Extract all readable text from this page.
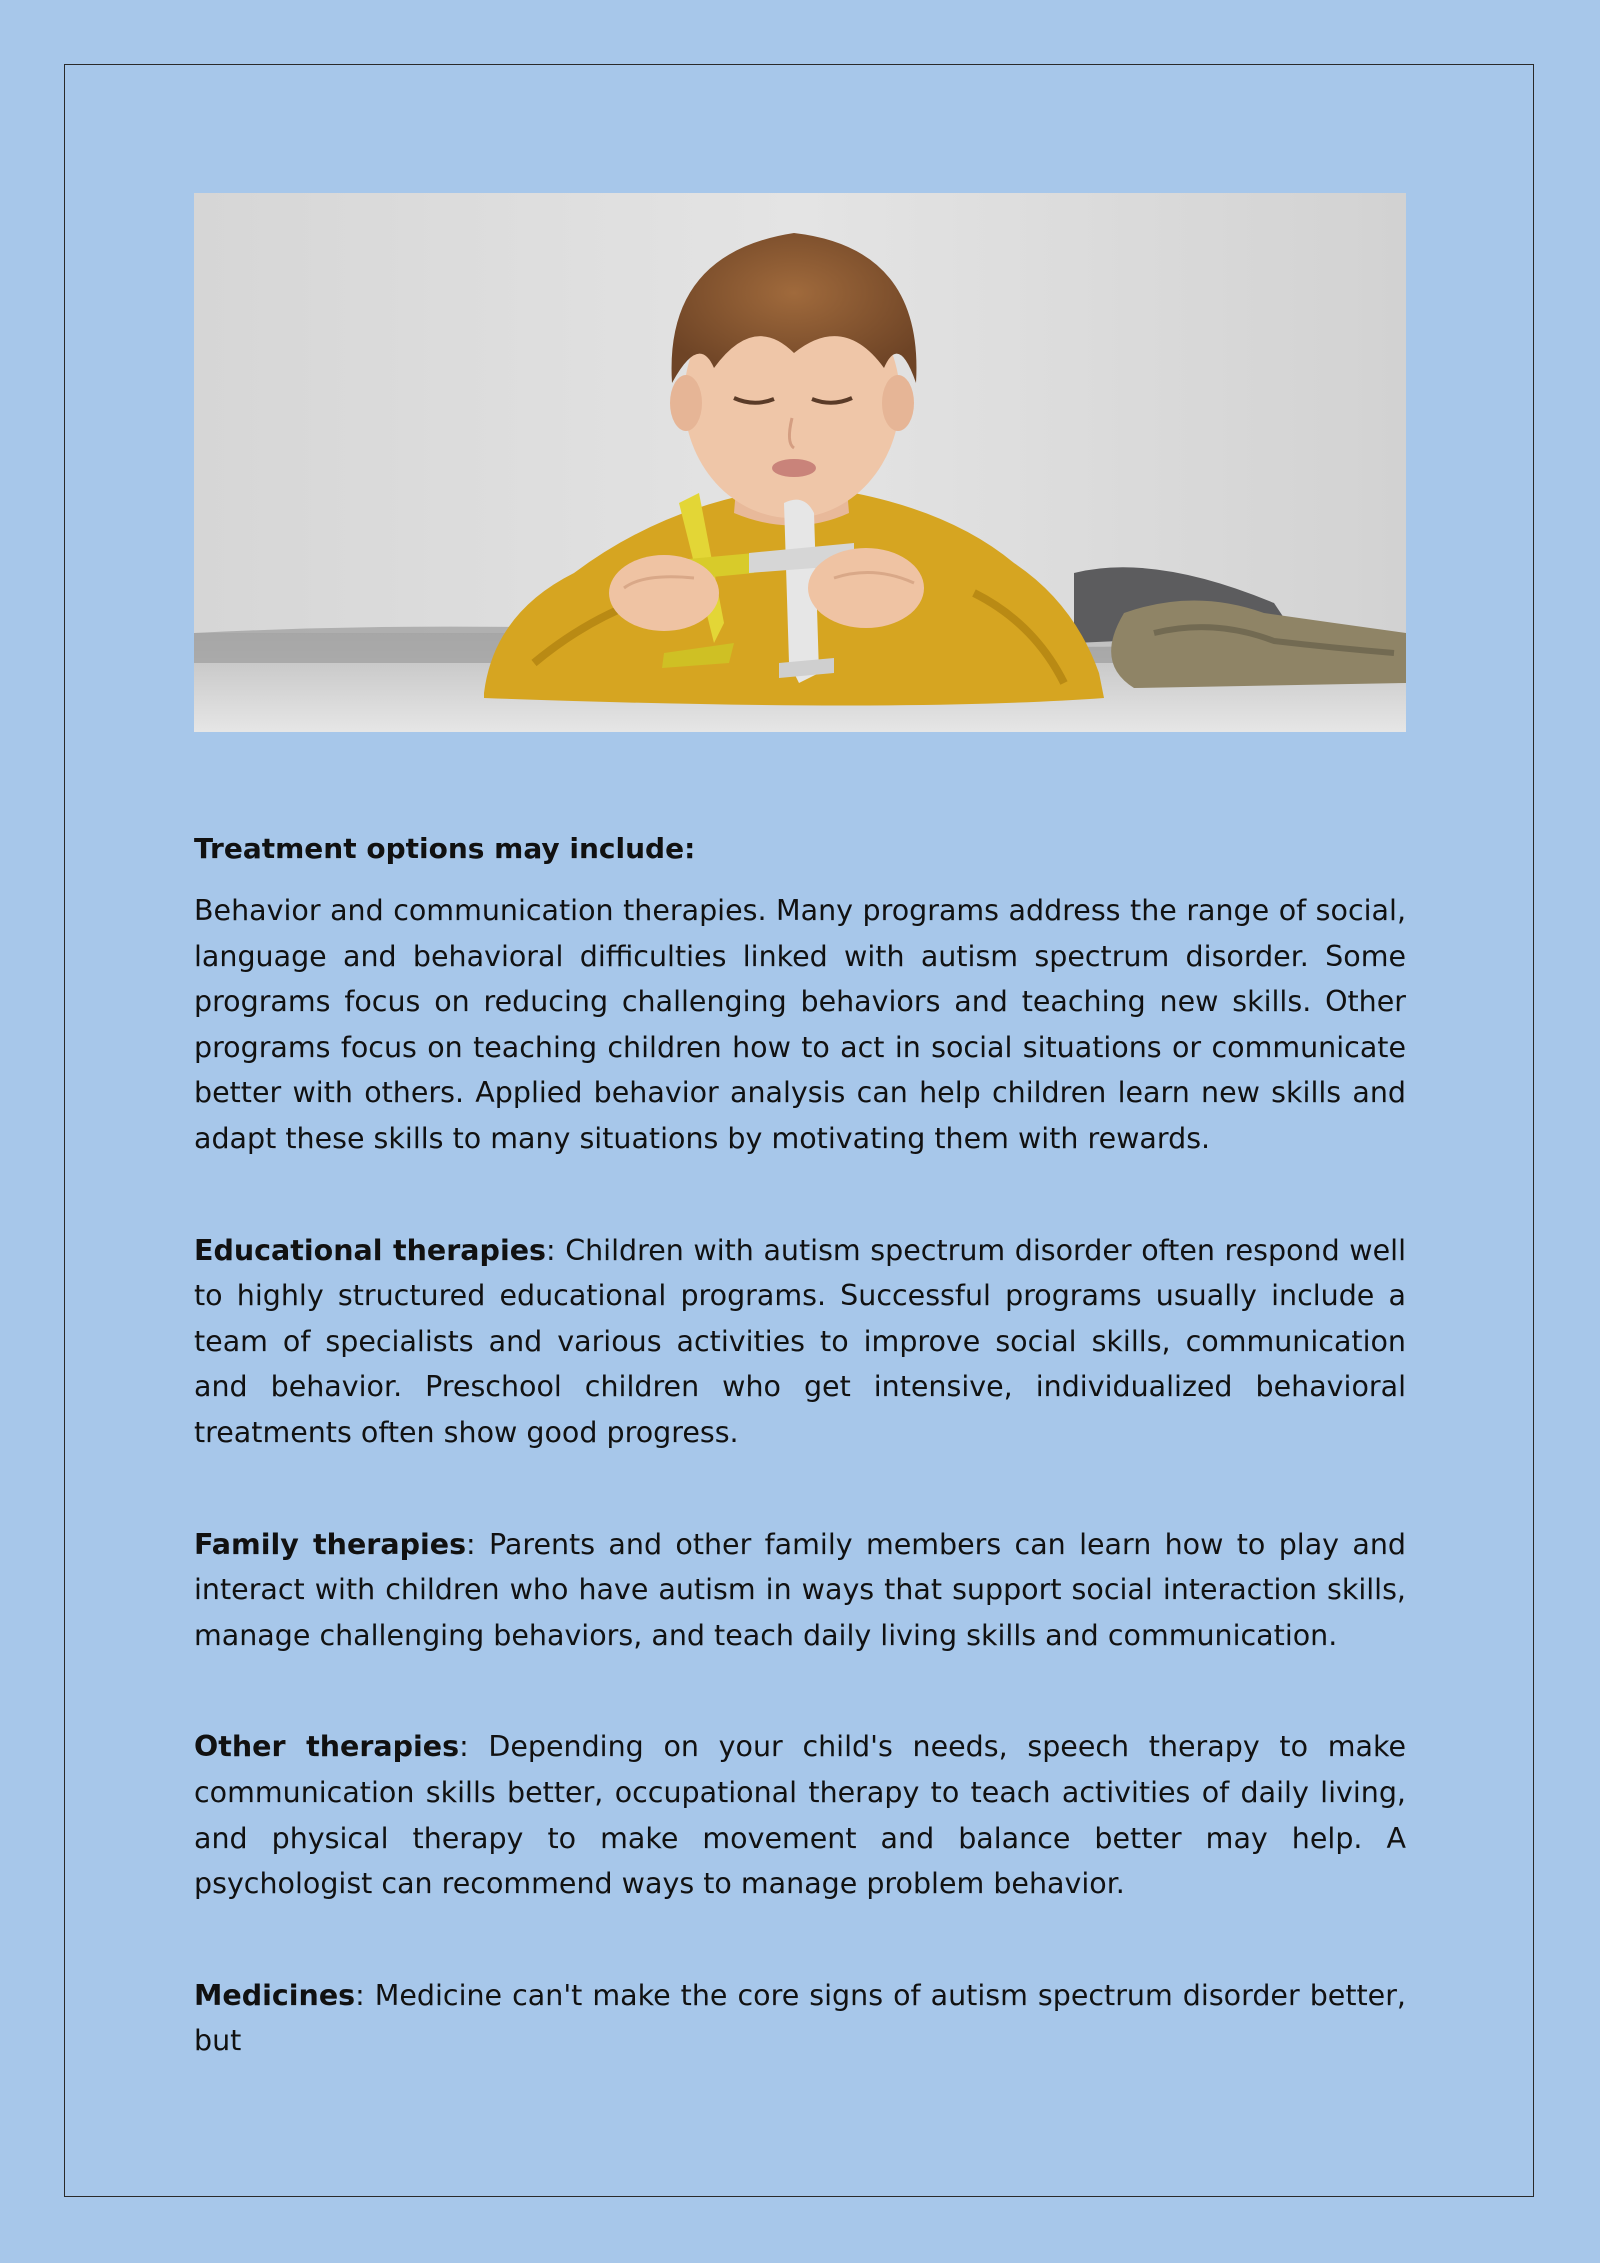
Treatment options may include:

Behavior and communication therapies. Many programs address the range of social, language and behavioral difficulties linked with autism spectrum disorder. Some programs focus on reducing challenging behaviors and teaching new skills. Other programs focus on teaching children how to act in social situations or communicate better with others. Applied behavior analysis can help children learn new skills and adapt these skills to many situations by motivating them with rewards.

Educational therapies: Children with autism spectrum disorder often respond well to highly structured educational programs. Successful programs usually include a team of specialists and various activities to improve social skills, communication and behavior. Preschool children who get intensive, individualized behavioral treatments often show good progress.

Family therapies: Parents and other family members can learn how to play and interact with children who have autism in ways that support social interaction skills, manage challenging behaviors, and teach daily living skills and communication.

Other therapies: Depending on your child's needs, speech therapy to make communication skills better, occupational therapy to teach activities of daily living, and physical therapy to make movement and balance better may help. A psychologist can recommend ways to manage problem behavior.

Medicines: Medicine can't make the core signs of autism spectrum disorder better, but
